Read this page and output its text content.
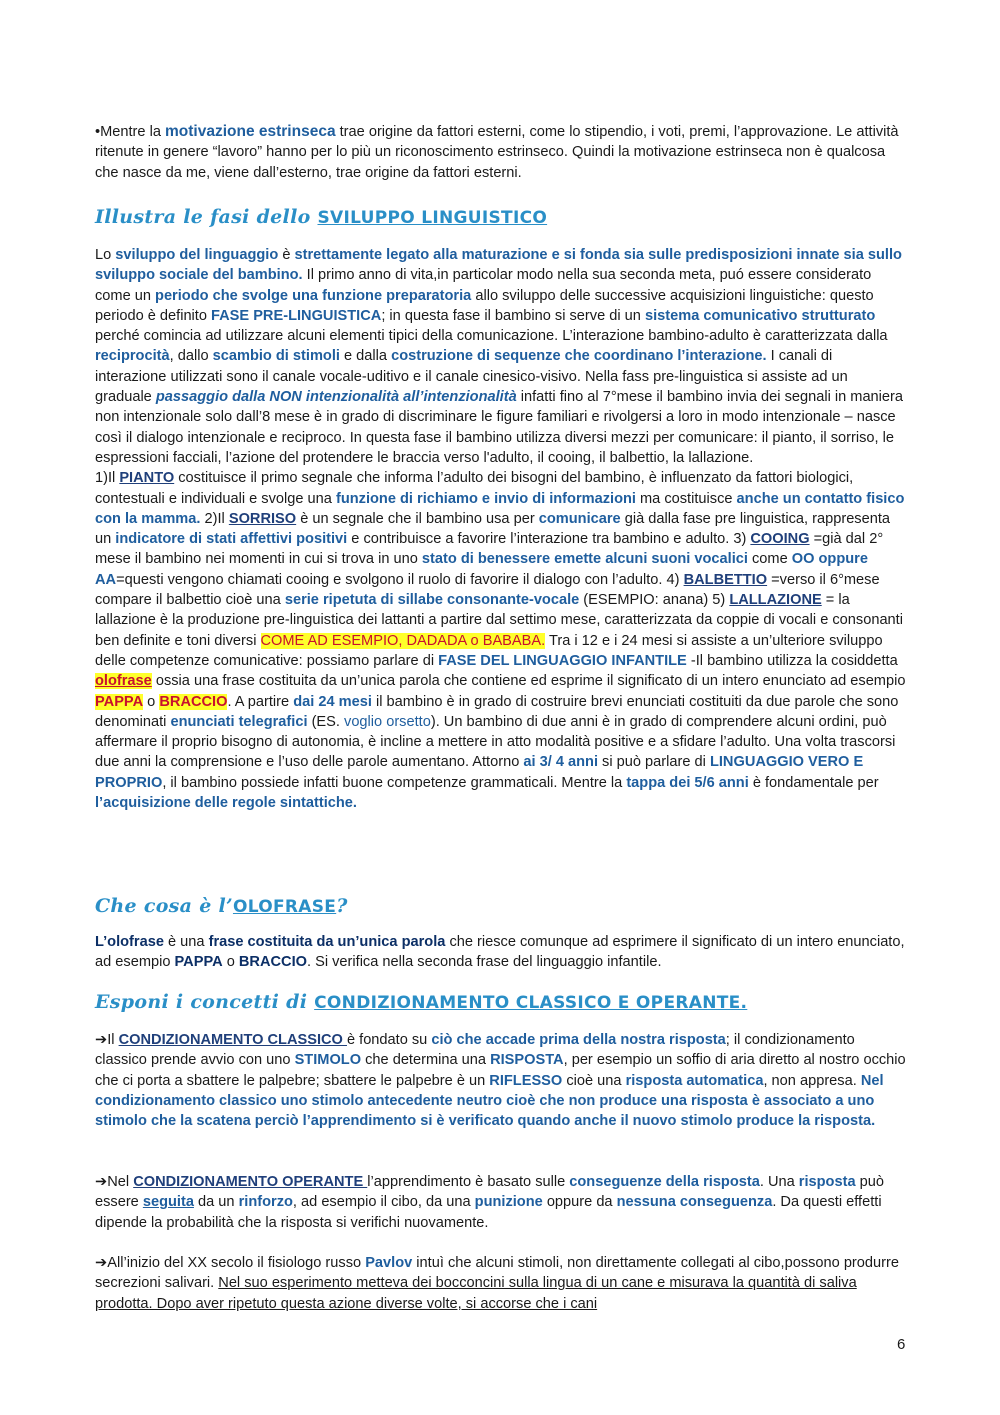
•Mentre la motivazione estrinseca trae origine da fattori esterni, come lo stipendio, i voti, premi, l’approvazione. Le attività ritenute in genere “lavoro” hanno per lo più un riconoscimento estrinseco. Quindi la motivazione estrinseca non è qualcosa che nasce da me, viene dall’esterno, trae origine da fattori esterni.

Illustra le fasi dello SVILUPPO LINGUISTICO

Lo sviluppo del linguaggio è strettamente legato alla maturazione e si fonda sia sulle predisposizioni innate sia sullo sviluppo sociale del bambino. Il primo anno di vita,in particolar modo nella sua seconda meta, puó essere considerato come un periodo che svolge una funzione preparatoria allo sviluppo delle successive acquisizioni linguistiche: questo periodo è definito FASE PRE-LINGUISTICA; in questa fase il bambino si serve di un sistema comunicativo strutturato perché comincia ad utilizzare alcuni elementi tipici della comunicazione. L’interazione bambino-adulto è caratterizzata dalla reciprocità, dallo scambio di stimoli e dalla costruzione di sequenze che coordinano l’interazione. I canali di interazione utilizzati sono il canale vocale-uditivo e il canale cinesico-visivo. Nella fass pre-linguistica si assiste ad un graduale passaggio dalla NON intenzionalità all’intenzionalità infatti fino al 7°mese il bambino invia dei segnali in maniera non intenzionale solo dall’8 mese è in grado di discriminare le figure familiari e rivolgersi a loro in modo intenzionale – nasce così il dialogo intenzionale e reciproco. In questa fase il bambino utilizza diversi mezzi per comunicare: il pianto, il sorriso, le espressioni facciali, l’azione del protendere le braccia verso l'adulto, il cooing, il balbettio, la lallazione.
1)Il PIANTO costituisce il primo segnale che informa l’adulto dei bisogni del bambino, è influenzato da fattori biologici, contestuali e individuali e svolge una funzione di richiamo e invio di informazioni ma costituisce anche un contatto fisico con la mamma. 2)Il SORRISO è un segnale che il bambino usa per comunicare già dalla fase pre linguistica, rappresenta un indicatore di stati affettivi positivi e contribuisce a favorire l’interazione tra bambino e adulto. 3) COOING =già dal 2° mese il bambino nei momenti in cui si trova in uno stato di benessere emette alcuni suoni vocalici come OO oppure AA=questi vengono chiamati cooing e svolgono il ruolo di favorire il dialogo con l’adulto. 4) BALBETTIO =verso il 6°mese compare il balbettio cioè una serie ripetuta di sillabe consonante-vocale (ESEMPIO: anana) 5) LALLAZIONE = la lallazione è la produzione pre-linguistica dei lattanti a partire dal settimo mese, caratterizzata da coppie di vocali e consonanti ben definite e toni diversi COME AD ESEMPIO, DADADA o BABABA. Tra i 12 e i 24 mesi si assiste a un’ulteriore sviluppo delle competenze comunicative: possiamo parlare di FASE DEL LINGUAGGIO INFANTILE -Il bambino utilizza la cosiddetta olofrase ossia una frase costituita da un’unica parola che contiene ed esprime il significato di un intero enunciato ad esempio PAPPA o BRACCIO. A partire dai 24 mesi il bambino è in grado di costruire brevi enunciati costituiti da due parole che sono denominati enunciati telegrafici (ES. voglio orsetto). Un bambino di due anni è in grado di comprendere alcuni ordini, può affermare il proprio bisogno di autonomia, è incline a mettere in atto modalità positive e a sfidare l’adulto. Una volta trascorsi due anni la comprensione e l’uso delle parole aumentano. Attorno ai 3/ 4 anni si può parlare di LINGUAGGIO VERO E PROPRIO, il bambino possiede infatti buone competenze grammaticali. Mentre la tappa dei 5/6 anni è fondamentale per l’acquisizione delle regole sintattiche.

Che cosa è l’OLOFRASE?

L’olofrase è una frase costituita da un’unica parola che riesce comunque ad esprimere il significato di un intero enunciato, ad esempio PAPPA o BRACCIO. Si verifica nella seconda frase del linguaggio infantile.

Esponi i concetti di CONDIZIONAMENTO CLASSICO E OPERANTE.

➔Il CONDIZIONAMENTO CLASSICO è fondato su ciò che accade prima della nostra risposta; il condizionamento classico prende avvio con uno STIMOLO che determina una RISPOSTA, per esempio un soffio di aria diretto al nostro occhio che ci porta a sbattere le palpebre; sbattere le palpebre è un RIFLESSO cioè una risposta automatica, non appresa. Nel condizionamento classico uno stimolo antecedente neutro cioè che non produce una risposta è associato a uno stimolo che la scatena perciò l’apprendimento si è verificato quando anche il nuovo stimolo produce la risposta.

➔Nel CONDIZIONAMENTO OPERANTE l’apprendimento è basato sulle conseguenze della risposta. Una risposta può essere seguita da un rinforzo, ad esempio il cibo, da una punizione oppure da nessuna conseguenza. Da questi effetti dipende la probabilità che la risposta si verifichi nuovamente.

➔All’inizio del XX secolo il fisiologo russo Pavlov intuì che alcuni stimoli, non direttamente collegati al cibo,possono produrre secrezioni salivari. Nel suo esperimento metteva dei bocconcini sulla lingua di un cane e misurava la quantità di saliva prodotta. Dopo aver ripetuto questa azione diverse volte, si accorse che i cani

6
